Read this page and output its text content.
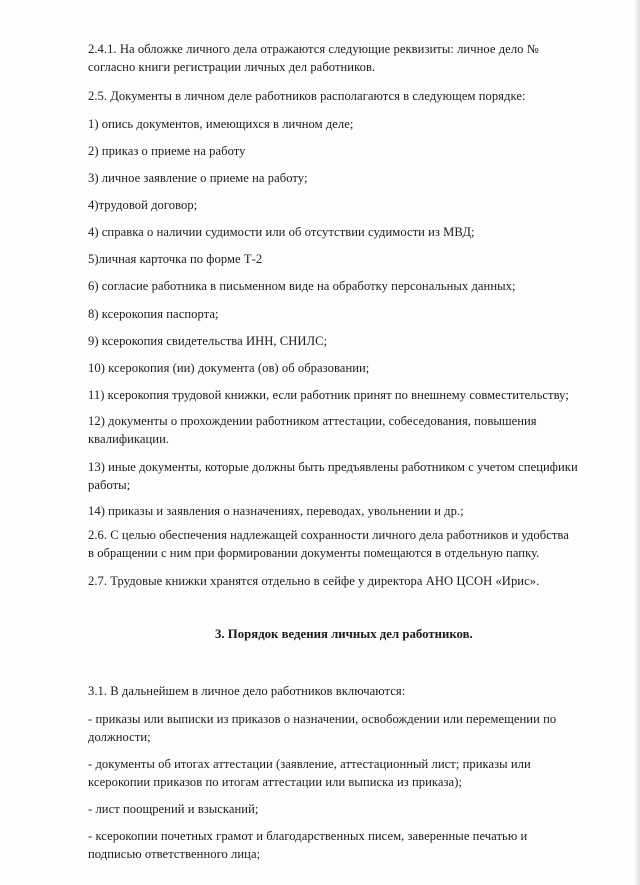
2.4.1. На обложке личного дела отражаются следующие реквизиты: личное дело №
согласно книги регистрации личных дел работников.
2.5. Документы в личном деле работников располагаются в следующем порядке:
1) опись документов, имеющихся в личном деле;
2) приказ о приеме на работу
3) личное заявление о приеме на работу;
4)трудовой договор;
4) справка о наличии судимости или об отсутствии судимости из МВД;
5)личная карточка по форме Т-2
6) согласие работника в письменном виде на обработку персональных данных;
8) ксерокопия паспорта;
9) ксерокопия свидетельства ИНН, СНИЛС;
10) ксерокопия (ии) документа (ов) об образовании;
11) ксерокопия трудовой книжки, если работник принят по внешнему совместительству;
12) документы о прохождении работником аттестации, собеседования, повышения
квалификации.
13) иные документы, которые должны быть предъявлены работником с учетом специфики
работы;
14) приказы и заявления о назначениях, переводах, увольнении и др.;
2.6. С целью обеспечения надлежащей сохранности личного дела работников и удобства
в обращении с ним при формировании документы помещаются в отдельную папку.
2.7. Трудовые книжки хранятся отдельно в сейфе у директора АНО ЦСОН «Ирис».
3. Порядок ведения личных дел работников.
3.1. В дальнейшем в личное дело работников включаются:
- приказы или выписки из приказов о назначении, освобождении или перемещении по
должности;
- документы об итогах аттестации (заявление, аттестационный лист; приказы или
ксерокопии приказов по итогам аттестации или выписка из приказа);
- лист поощрений и взысканий;
- ксерокопии почетных грамот и благодарственных писем, заверенные печатью и
подписью ответственного лица;
